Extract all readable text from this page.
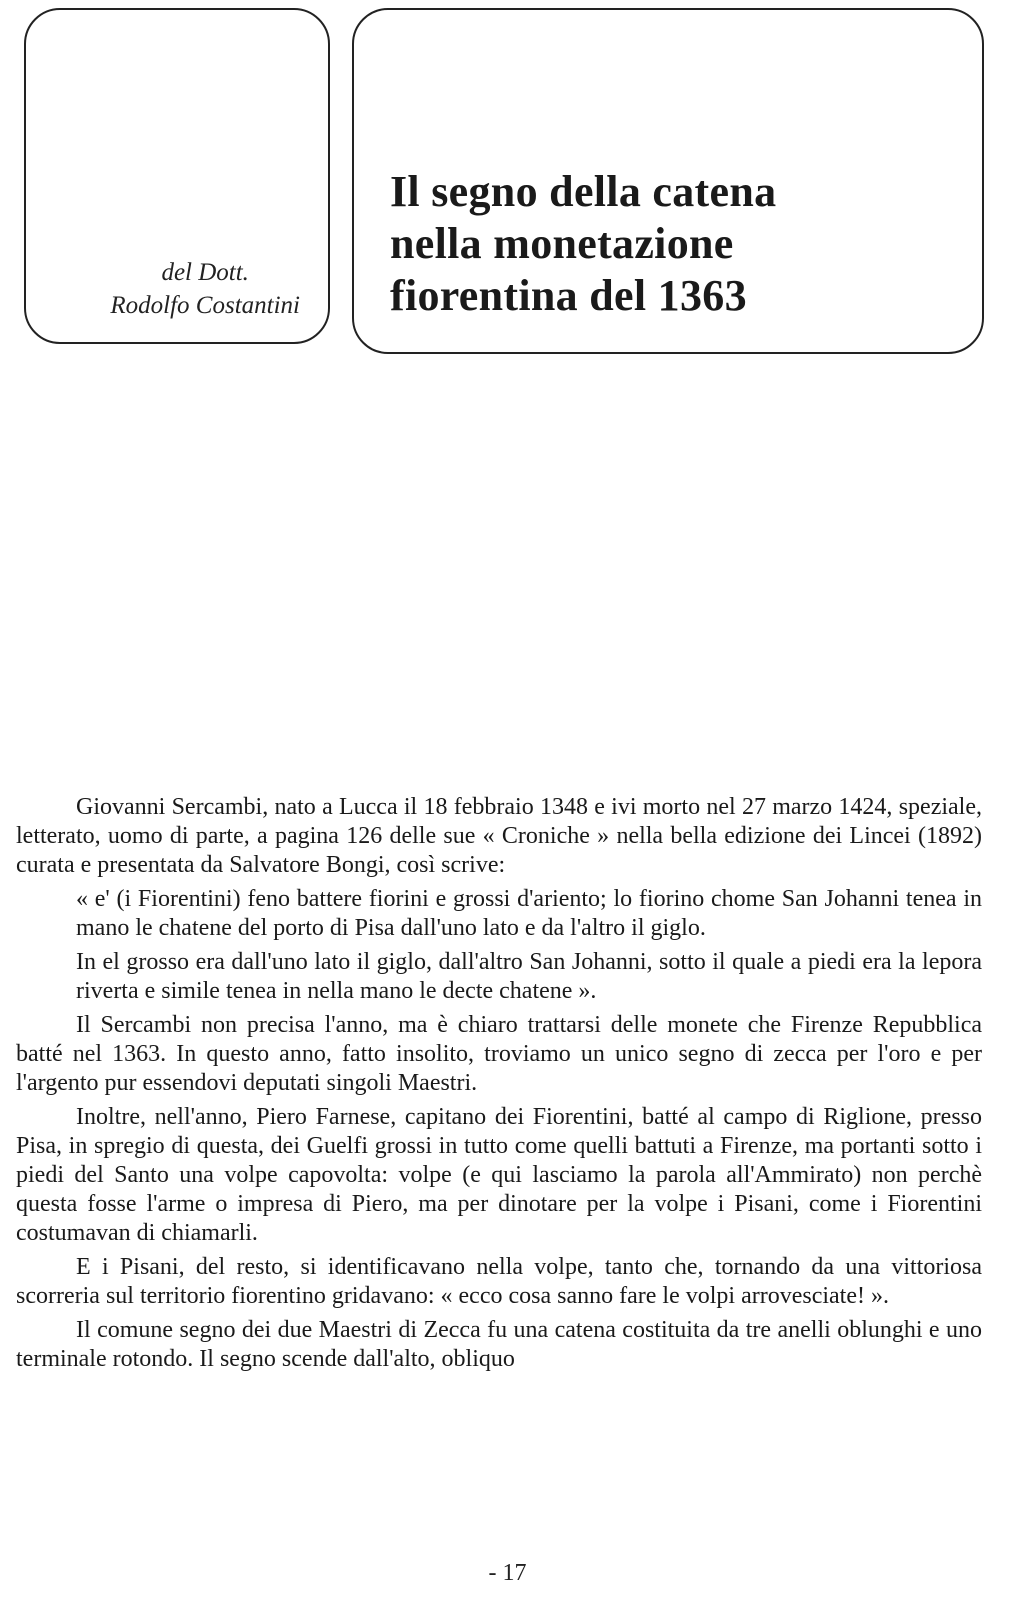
del Dott.
Rodolfo Costantini
Il segno della catena
nella monetazione
fiorentina del 1363

Giovanni Sercambi, nato a Lucca il 18 febbraio 1348 e ivi morto nel 27 marzo 1424, speziale, letterato, uomo di parte, a pagina 126 delle sue « Croniche » nella bella edizione dei Lincei (1892) curata e presentata da Salvatore Bongi, così scrive:

« e' (i Fiorentini) feno battere fiorini e grossi d'ariento; lo fiorino chome San Johanni tenea in mano le chatene del porto di Pisa dall'uno lato e da l'altro il giglo.

In el grosso era dall'uno lato il giglo, dall'altro San Johanni, sotto il quale a piedi era la lepora riverta e simile tenea in nella mano le decte chatene ».

Il Sercambi non precisa l'anno, ma è chiaro trattarsi delle monete che Firenze Repubblica batté nel 1363. In questo anno, fatto insolito, troviamo un unico segno di zecca per l'oro e per l'argento pur essendovi deputati singoli Maestri.

Inoltre, nell'anno, Piero Farnese, capitano dei Fiorentini, batté al campo di Riglione, presso Pisa, in spregio di questa, dei Guelfi grossi in tutto come quelli battuti a Firenze, ma portanti sotto i piedi del Santo una volpe capovolta: volpe (e qui lasciamo la parola all'Ammirato) non perchè questa fosse l'arme o impresa di Piero, ma per dinotare per la volpe i Pisani, come i Fiorentini costumavan di chiamarli.

E i Pisani, del resto, si identificavano nella volpe, tanto che, tornando da una vittoriosa scorreria sul territorio fiorentino gridavano: « ecco cosa sanno fare le volpi arrovesciate! ».

Il comune segno dei due Maestri di Zecca fu una catena costituita da tre anelli oblunghi e uno terminale rotondo. Il segno scende dall'alto, obliquo

- 17
